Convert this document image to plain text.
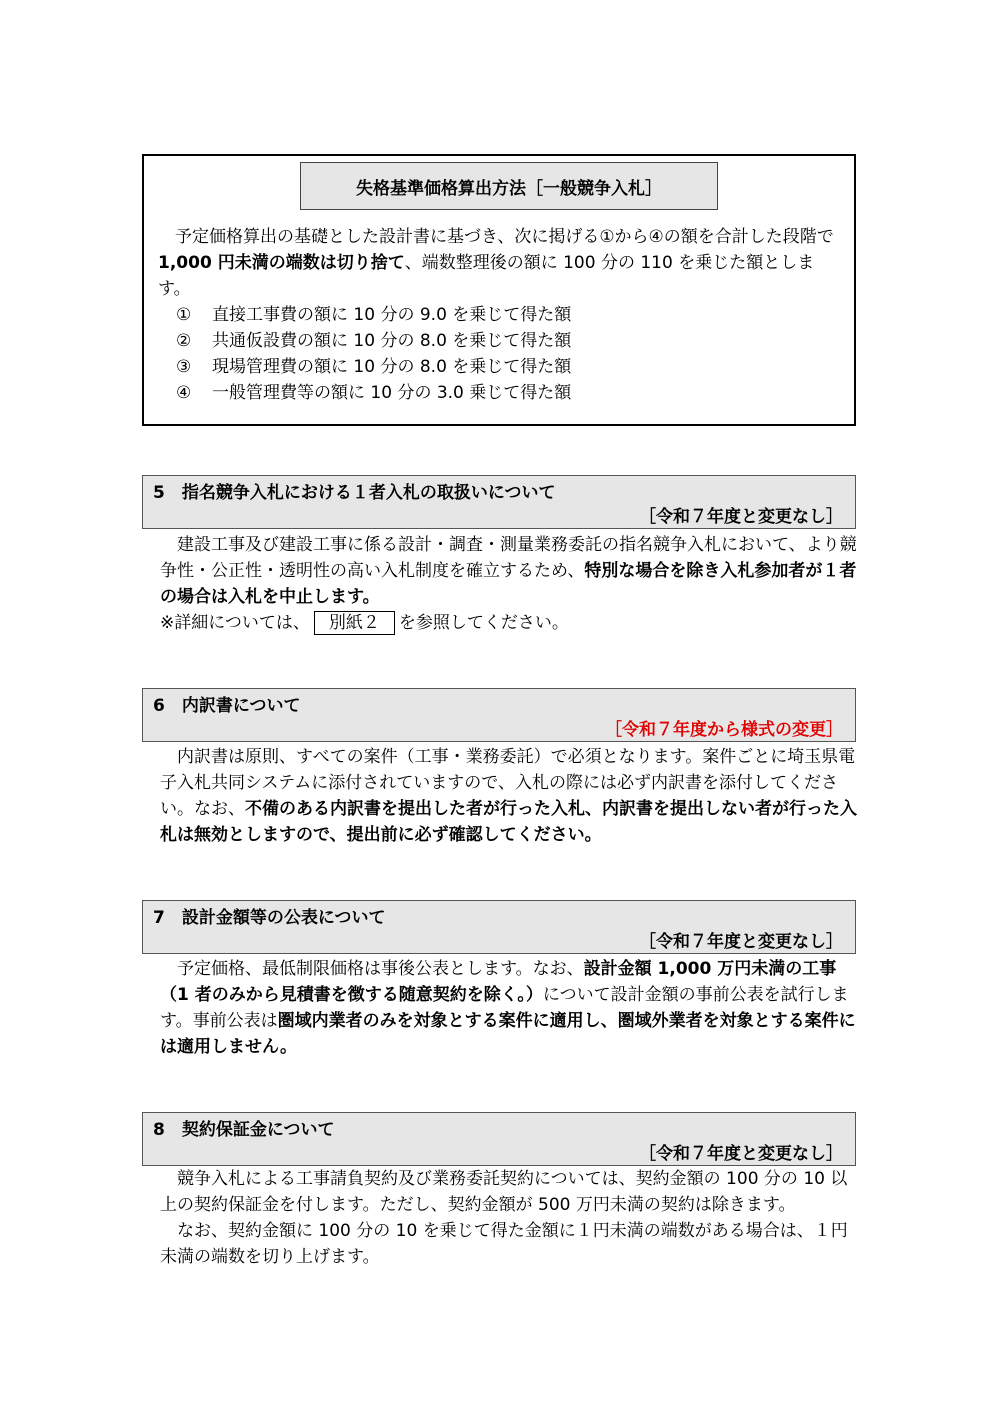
失格基準価格算出方法［一般競争入札］
予定価格算出の基礎とした設計書に基づき、次に掲げる①から④の額を合計した段階で1,000 円未満の端数は切り捨て、端数整理後の額に 100 分の 110 を乗じた額とします。
①	直接工事費の額に 10 分の 9.0 を乗じて得た額
②	共通仮設費の額に 10 分の 8.0 を乗じて得た額
③	現場管理費の額に 10 分の 8.0 を乗じて得た額
④	一般管理費等の額に 10 分の 3.0 乗じて得た額
5　指名競争入札における１者入札の取扱いについて
［令和７年度と変更なし］
建設工事及び建設工事に係る設計・調査・測量業務委託の指名競争入札において、より競争性・公正性・透明性の高い入札制度を確立するため、特別な場合を除き入札参加者が１者の場合は入札を中止します。
※詳細については、 別紙２ を参照してください。
6　内訳書について
［令和７年度から様式の変更］
内訳書は原則、すべての案件（工事・業務委託）で必須となります。案件ごとに埼玉県電子入札共同システムに添付されていますので、入札の際には必ず内訳書を添付してください。なお、不備のある内訳書を提出した者が行った入札、内訳書を提出しない者が行った入札は無効としますので、提出前に必ず確認してください。
7　設計金額等の公表について
［令和７年度と変更なし］
予定価格、最低制限価格は事後公表とします。なお、設計金額 1,000 万円未満の工事（1 者のみから見積書を徴する随意契約を除く。）について設計金額の事前公表を試行します。事前公表は圏域内業者のみを対象とする案件に適用し、圏域外業者を対象とする案件には適用しません。
8　契約保証金について
［令和７年度と変更なし］
競争入札による工事請負契約及び業務委託契約については、契約金額の 100 分の 10 以上の契約保証金を付します。ただし、契約金額が 500 万円未満の契約は除きます。
なお、契約金額に 100 分の 10 を乗じて得た金額に１円未満の端数がある場合は、１円未満の端数を切り上げます。
